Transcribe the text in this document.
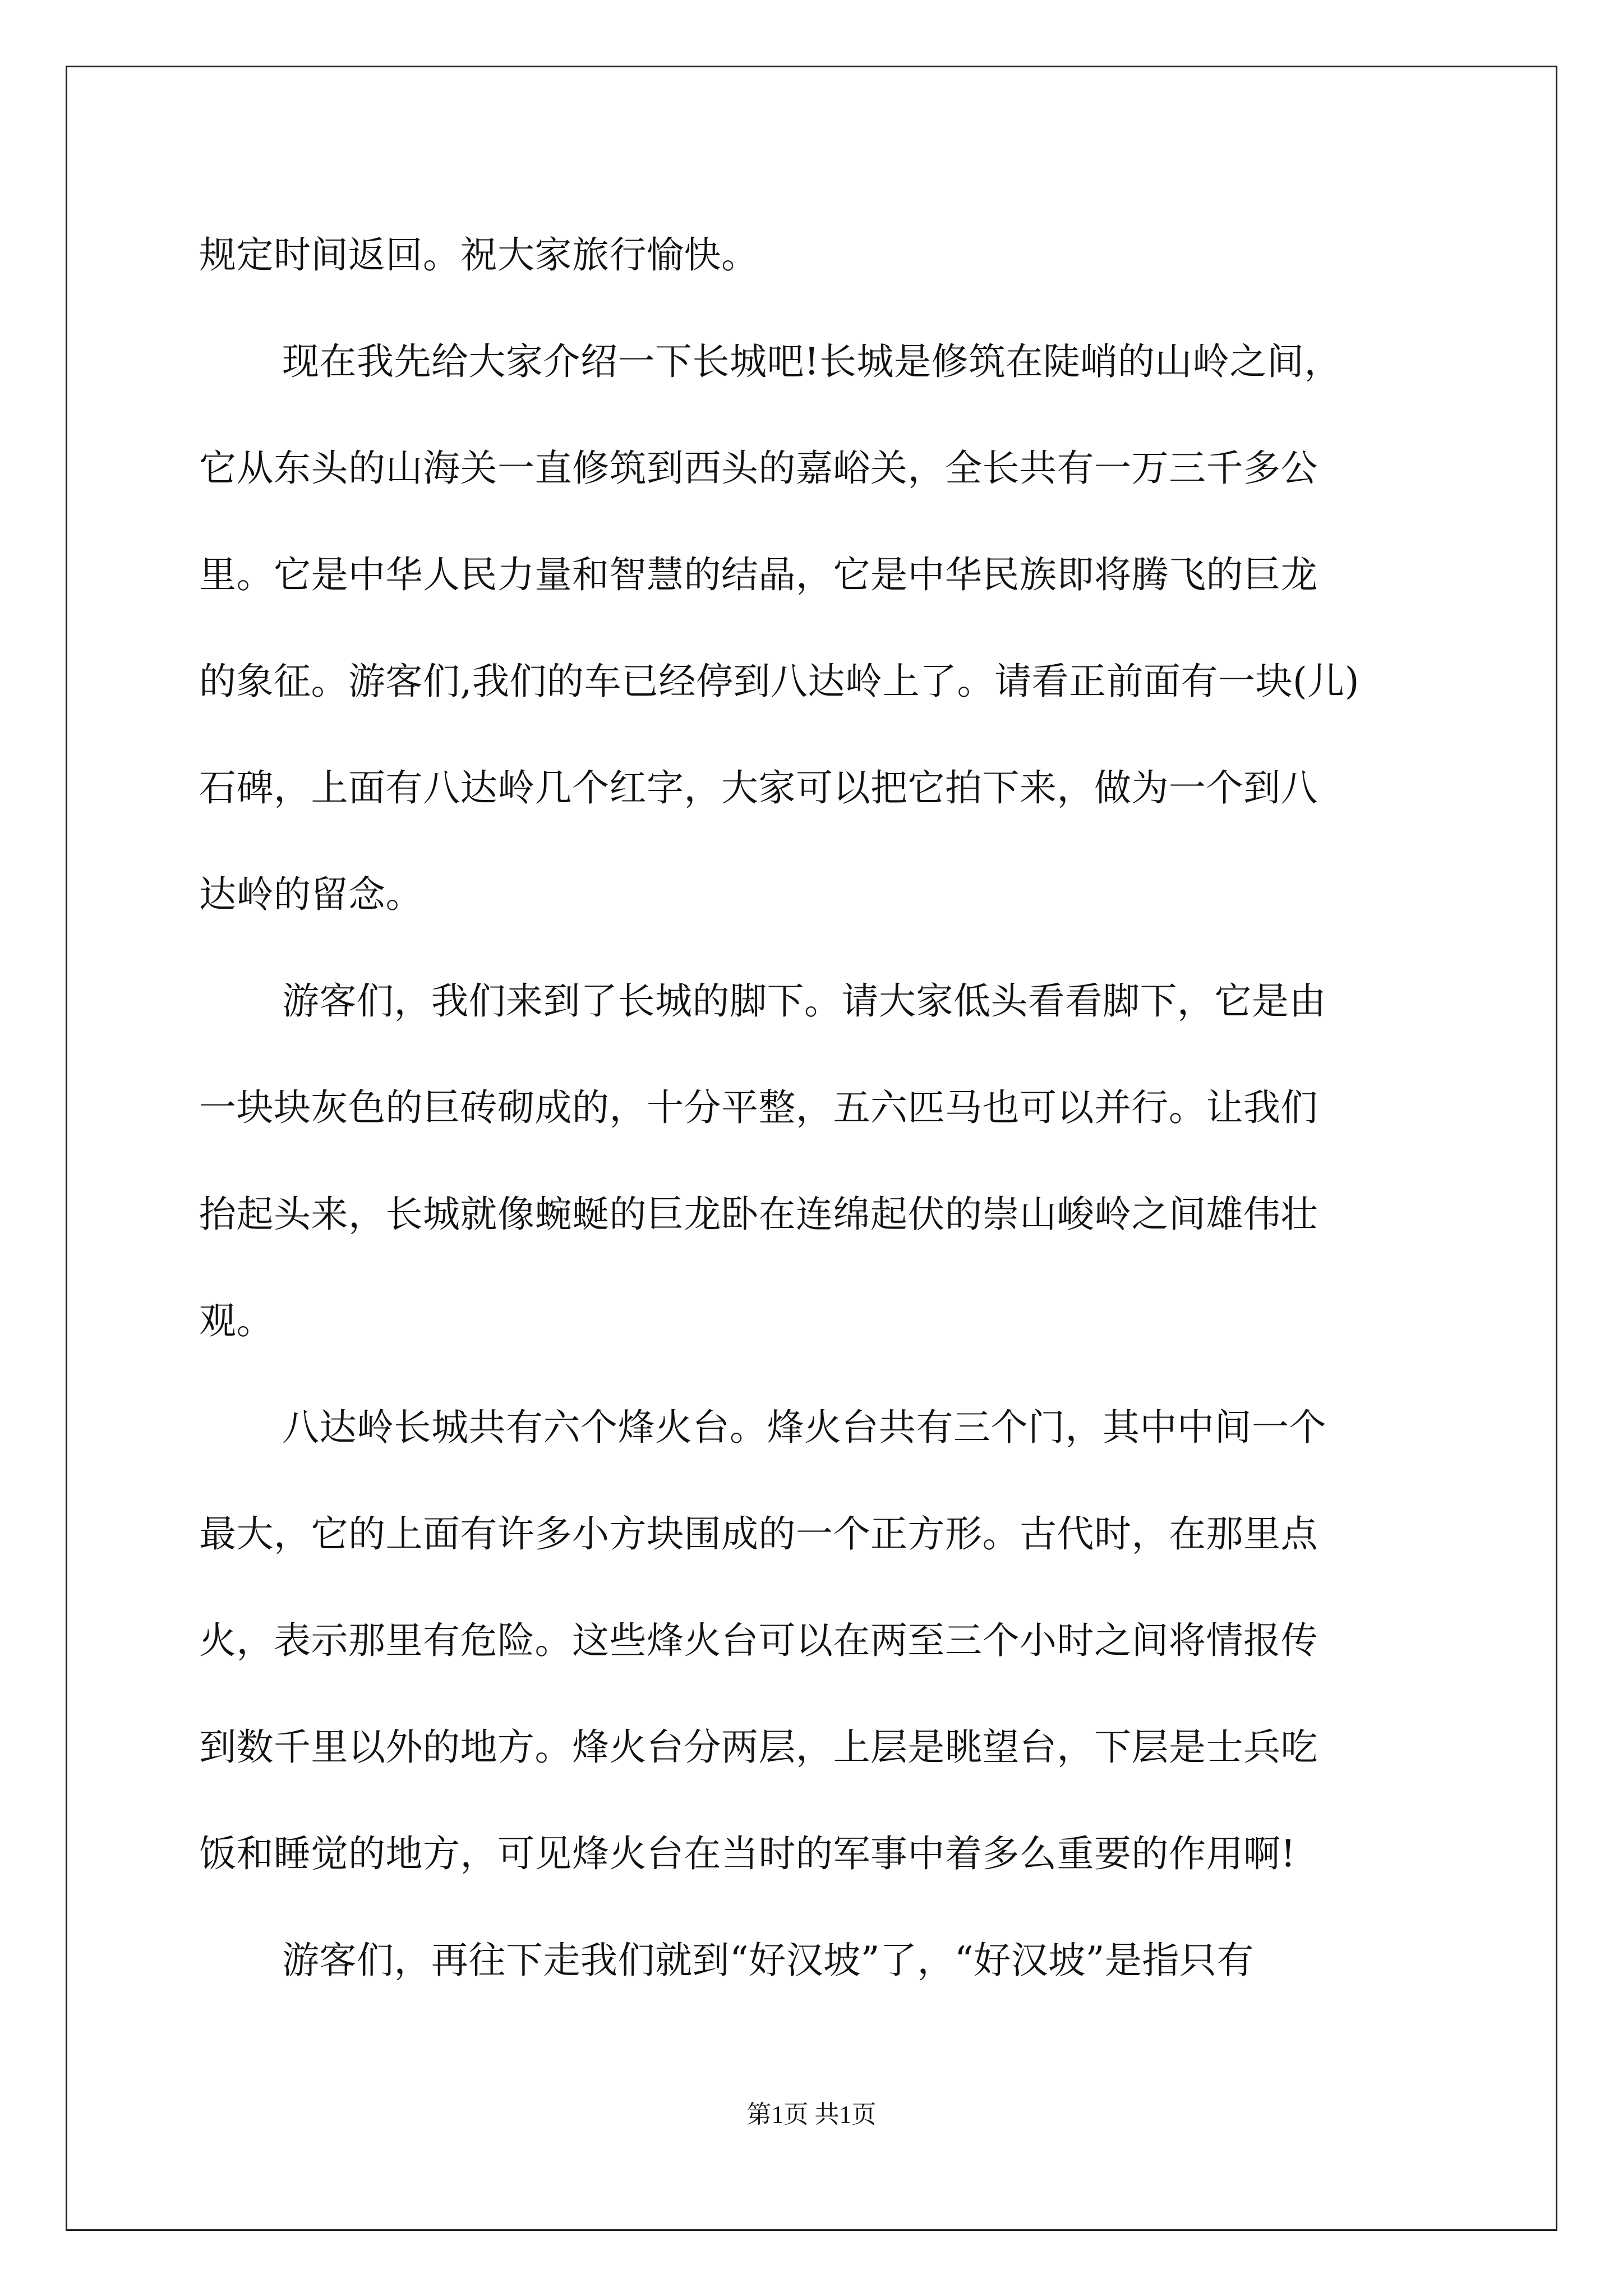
规定时间返回。祝大家旅行愉快。
现在我先给大家介绍一下长城吧!长城是修筑在陡峭的山岭之间，
它从东头的山海关一直修筑到西头的嘉峪关，全长共有一万三千多公
里。它是中华人民力量和智慧的结晶，它是中华民族即将腾飞的巨龙
的象征。游客们,我们的车已经停到八达岭上了。请看正前面有一块(儿)
石碑，上面有八达岭几个红字，大家可以把它拍下来，做为一个到八
达岭的留念。
游客们，我们来到了长城的脚下。请大家低头看看脚下，它是由
一块块灰色的巨砖砌成的，十分平整，五六匹马也可以并行。让我们
抬起头来，长城就像蜿蜒的巨龙卧在连绵起伏的崇山峻岭之间雄伟壮
观。
八达岭长城共有六个烽火台。烽火台共有三个门，其中中间一个
最大，它的上面有许多小方块围成的一个正方形。古代时，在那里点
火，表示那里有危险。这些烽火台可以在两至三个小时之间将情报传
到数千里以外的地方。烽火台分两层，上层是眺望台，下层是士兵吃
饭和睡觉的地方，可见烽火台在当时的军事中着多么重要的作用啊!
游客们，再往下走我们就到“好汉坡”了，“好汉坡”是指只有
第1页 共1页
